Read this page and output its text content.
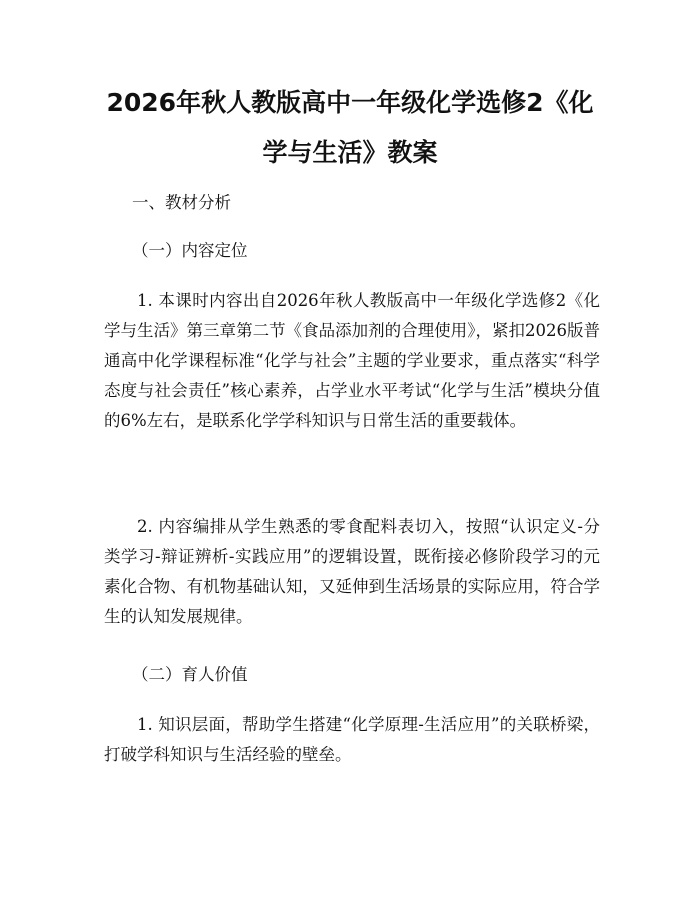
2026年秋人教版高中一年级化学选修2《化
学与生活》教案

一、教材分析

（一）内容定位

1. 本课时内容出自2026年秋人教版高中一年级化学选修2《化学与生活》第三章第二节《食品添加剂的合理使用》，紧扣2026版普通高中化学课程标准“化学与社会”主题的学业要求，重点落实“科学态度与社会责任”核心素养，占学业水平考试“化学与生活”模块分值的6%左右，是联系化学学科知识与日常生活的重要载体。

2. 内容编排从学生熟悉的零食配料表切入，按照“认识定义-分类学习-辩证辨析-实践应用”的逻辑设置，既衔接必修阶段学习的元素化合物、有机物基础认知，又延伸到生活场景的实际应用，符合学生的认知发展规律。

（二）育人价值

1. 知识层面，帮助学生搭建“化学原理-生活应用”的关联桥梁，打破学科知识与生活经验的壁垒。
